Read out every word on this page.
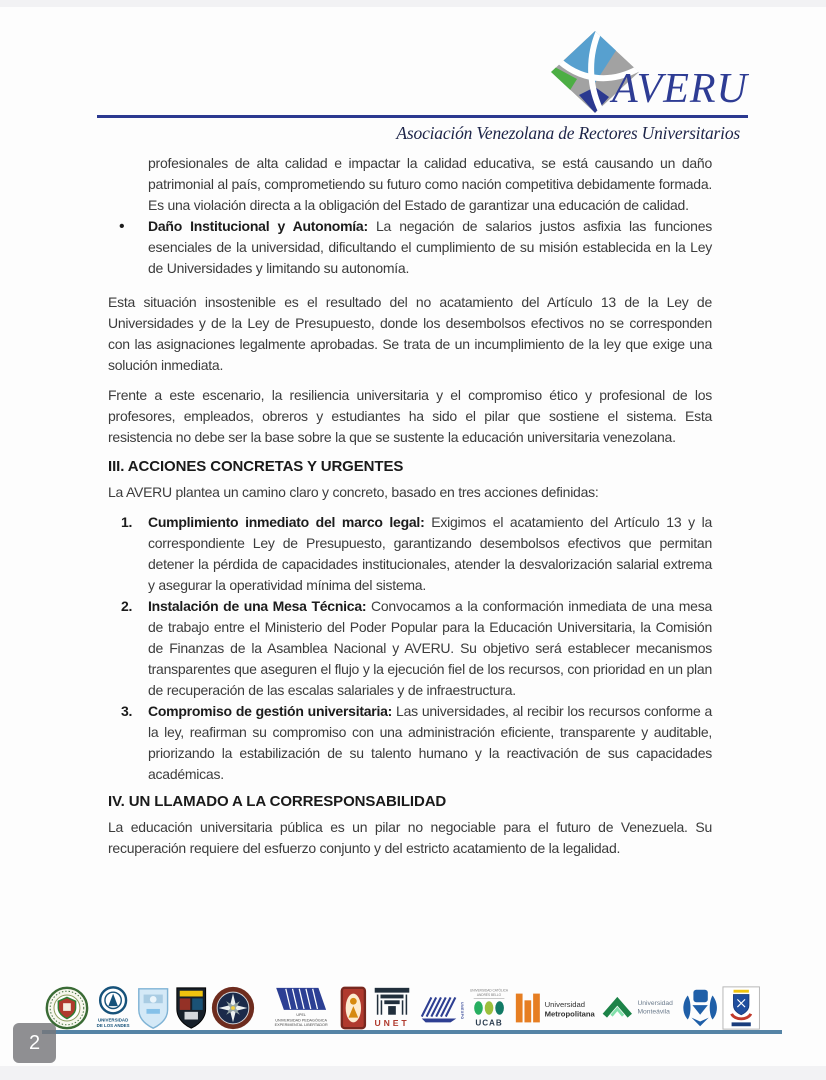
AVERU
Asociación Venezolana de Rectores Universitarios

profesionales de alta calidad e impactar la calidad educativa, se está causando un daño patrimonial al país, comprometiendo su futuro como nación competitiva debidamente formada. Es una violación directa a la obligación del Estado de garantizar una educación de calidad.

• Daño Institucional y Autonomía: La negación de salarios justos asfixia las funciones esenciales de la universidad, dificultando el cumplimiento de su misión establecida en la Ley de Universidades y limitando su autonomía.

Esta situación insostenible es el resultado del no acatamiento del Artículo 13 de la Ley de Universidades y de la Ley de Presupuesto, donde los desembolsos efectivos no se corresponden con las asignaciones legalmente aprobadas. Se trata de un incumplimiento de la ley que exige una solución inmediata.

Frente a este escenario, la resiliencia universitaria y el compromiso ético y profesional de los profesores, empleados, obreros y estudiantes ha sido el pilar que sostiene el sistema. Esta resistencia no debe ser la base sobre la que se sustente la educación universitaria venezolana.

III. ACCIONES CONCRETAS Y URGENTES

La AVERU plantea un camino claro y concreto, basado en tres acciones definidas:

1. Cumplimiento inmediato del marco legal: Exigimos el acatamiento del Artículo 13 y la correspondiente Ley de Presupuesto, garantizando desembolsos efectivos que permitan detener la pérdida de capacidades institucionales, atender la desvalorización salarial extrema y asegurar la operatividad mínima del sistema.
2. Instalación de una Mesa Técnica: Convocamos a la conformación inmediata de una mesa de trabajo entre el Ministerio del Poder Popular para la Educación Universitaria, la Comisión de Finanzas de la Asamblea Nacional y AVERU. Su objetivo será establecer mecanismos transparentes que aseguren el flujo y la ejecución fiel de los recursos, con prioridad en un plan de recuperación de las escalas salariales y de infraestructura.
3. Compromiso de gestión universitaria: Las universidades, al recibir los recursos conforme a la ley, reafirman su compromiso con una administración eficiente, transparente y auditable, priorizando la estabilización de su talento humano y la reactivación de sus capacidades académicas.
IV. UN LLAMADO A LA CORRESPONSABILIDAD

La educación universitaria pública es un pilar no negociable para el futuro de Venezuela. Su recuperación requiere del esfuerzo conjunto y del estricto acatamiento de la legalidad.

UNIVERSIDAD
DE LOS ANDES
UPEL
UNIVERSIDAD PEDAGÓGICA
EXPERIMENTAL LIBERTADOR	UNET
UNEXPO
UNIVERSIDAD CATÓLICA
ANDRÉS BELLO
UCAB
Universidad
Metropolitana
Universidad
Monteávila
2
